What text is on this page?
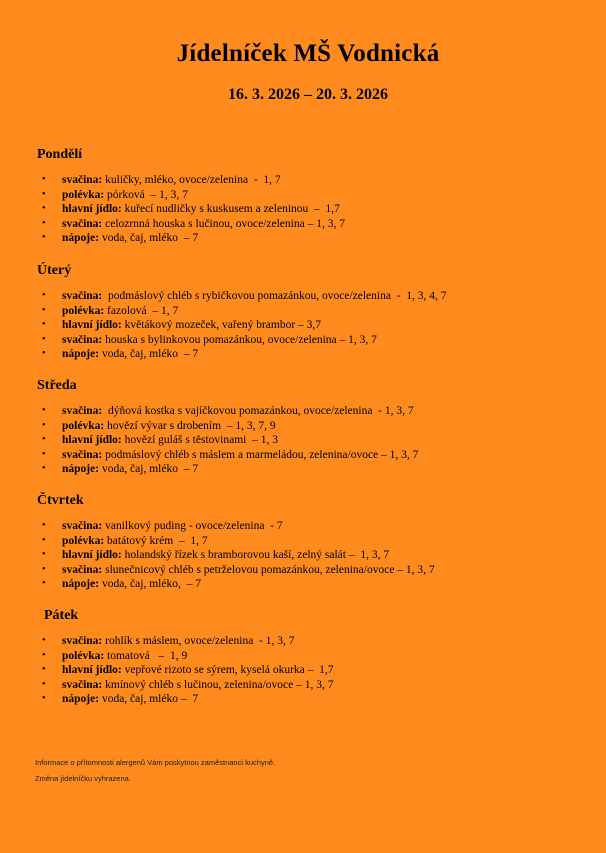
Jídelníček MŠ Vodnická
16. 3. 2026 – 20. 3. 2026
Pondělí
• svačina: kuličky, mléko, ovoce/zelenina  -  1, 7
• polévka: pórková  – 1, 3, 7
• hlavní jídlo: kuřecí nudličky s kuskusem a zeleninou  –  1,7
• svačina: celozrnná houska s lučinou, ovoce/zelenina – 1, 3, 7
• nápoje: voda, čaj, mléko  – 7
Úterý
• svačina:  podmáslový chléb s rybičkovou pomazánkou, ovoce/zelenina  -  1, 3, 4, 7
• polévka: fazolová  – 1, 7
• hlavní jídlo: květákový mozeček, vařený brambor – 3,7
• svačina: houska s bylinkovou pomazánkou, ovoce/zelenina – 1, 3, 7
• nápoje: voda, čaj, mléko  – 7
Středa
• svačina:  dýňová kostka s vajíčkovou pomazánkou, ovoce/zelenina  - 1, 3, 7
• polévka: hovězí vývar s drobením  – 1, 3, 7, 9
• hlavní jídlo: hovězí guláš s těstovinami  – 1, 3
• svačina: podmáslový chléb s máslem a marmeládou, zelenina/ovoce – 1, 3, 7
• nápoje: voda, čaj, mléko  – 7
Čtvrtek
• svačina: vanilkový puding - ovoce/zelenina  - 7
• polévka: batátový krém  –  1, 7
• hlavní jídlo: holandský řízek s bramborovou kaší, zelný salát –  1, 3, 7
• svačina: slunečnicový chléb s petrželovou pomazánkou, zelenina/ovoce – 1, 3, 7
• nápoje: voda, čaj, mléko,  – 7
Pátek
• svačina: rohlík s máslem, ovoce/zelenina  - 1, 3, 7
• polévka: tomatová   –  1, 9
• hlavní jídlo: vepřové rizoto se sýrem, kyselá okurka –  1,7
• svačina: kmínový chléb s lučinou, zelenina/ovoce – 1, 3, 7
• nápoje: voda, čaj, mléko –  7
Informace o přítomnosti alergenů Vám poskytnou zaměstnanci kuchyně.
Změna jídelníčku vyhrazena.
